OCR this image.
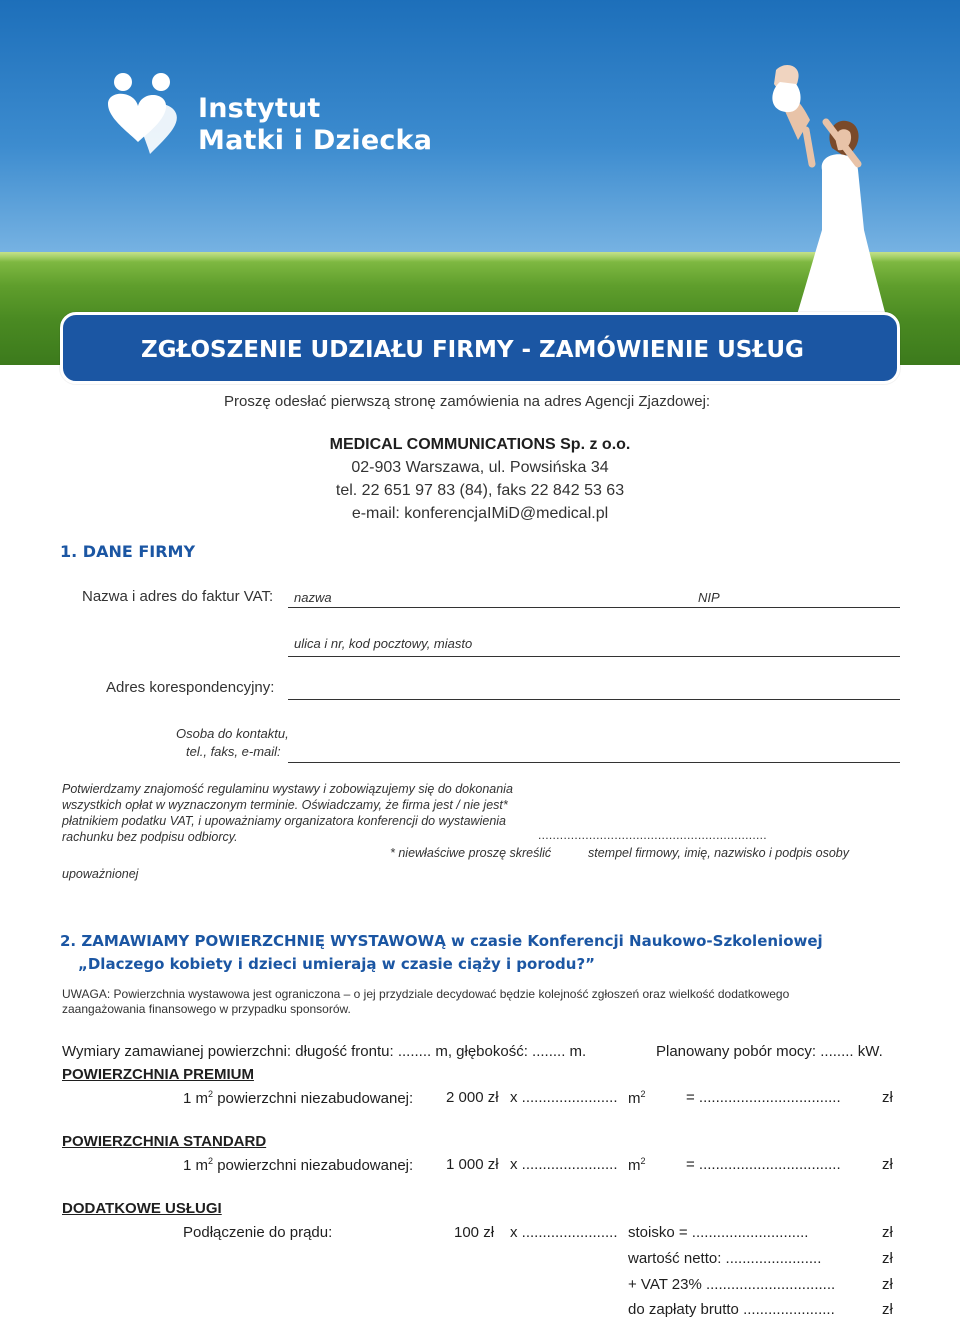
Instytut
Matki i Dziecka
ZGŁOSZENIE UDZIAŁU FIRMY - ZAMÓWIENIE USŁUG
Proszę odesłać pierwszą stronę zamówienia na adres Agencji Zjazdowej:
MEDICAL COMMUNICATIONS Sp. z o.o.
02-903 Warszawa, ul. Powsińska 34
tel. 22 651 97 83 (84), faks 22 842 53 63
e-mail: konferencjaIMiD@medical.pl
1. DANE FIRMY
Nazwa i adres do faktur VAT: nazwa	NIP
ulica i nr, kod pocztowy, miasto
Adres korespondencyjny:
Osoba do kontaktu,
tel., faks, e-mail:
Potwierdzamy znajomość regulaminu wystawy i zobowiązujemy się do dokonania
wszystkich opłat w wyznaczonym terminie. Oświadczamy, że firma jest / nie jest*
płatnikiem podatku VAT, i upoważniamy organizatora konferencji do wystawienia
rachunku bez podpisu odbiorcy.	...............................................................
* niewłaściwe proszę skreślić	stempel firmowy, imię, nazwisko i podpis osoby
upoważnionej
2. ZAMAWIAMY POWIERZCHNIĘ WYSTAWOWĄ w czasie Konferencji Naukowo-Szkoleniowej
„Dlaczego kobiety i dzieci umierają w czasie ciąży i porodu?”
UWAGA: Powierzchnia wystawowa jest ograniczona – o jej przydziale decydować będzie kolejność zgłoszeń oraz wielkość dodatkowego
zaangażowania finansowego w przypadku sponsorów.
Wymiary zamawianej powierzchni: długość frontu: ........ m, głębokość: ........ m.	Planowany pobór mocy: ........ kW.
POWIERZCHNIA PREMIUM
1 $m^2$ powierzchni niezabudowanej: 2 000 zł x ....................... $m^2$	= ..................................	zł
POWIERZCHNIA STANDARD
1 $m^2$ powierzchni niezabudowanej: 1 000 zł x ....................... $m^2$	= ..................................	zł
DODATKOWE USŁUGI
Podłączenie do prądu:	100 zł x ....................... stoisko = ............................	zł
wartość netto: .......................	zł
+ VAT 23% ...............................	zł
do zapłaty brutto ......................	zł
